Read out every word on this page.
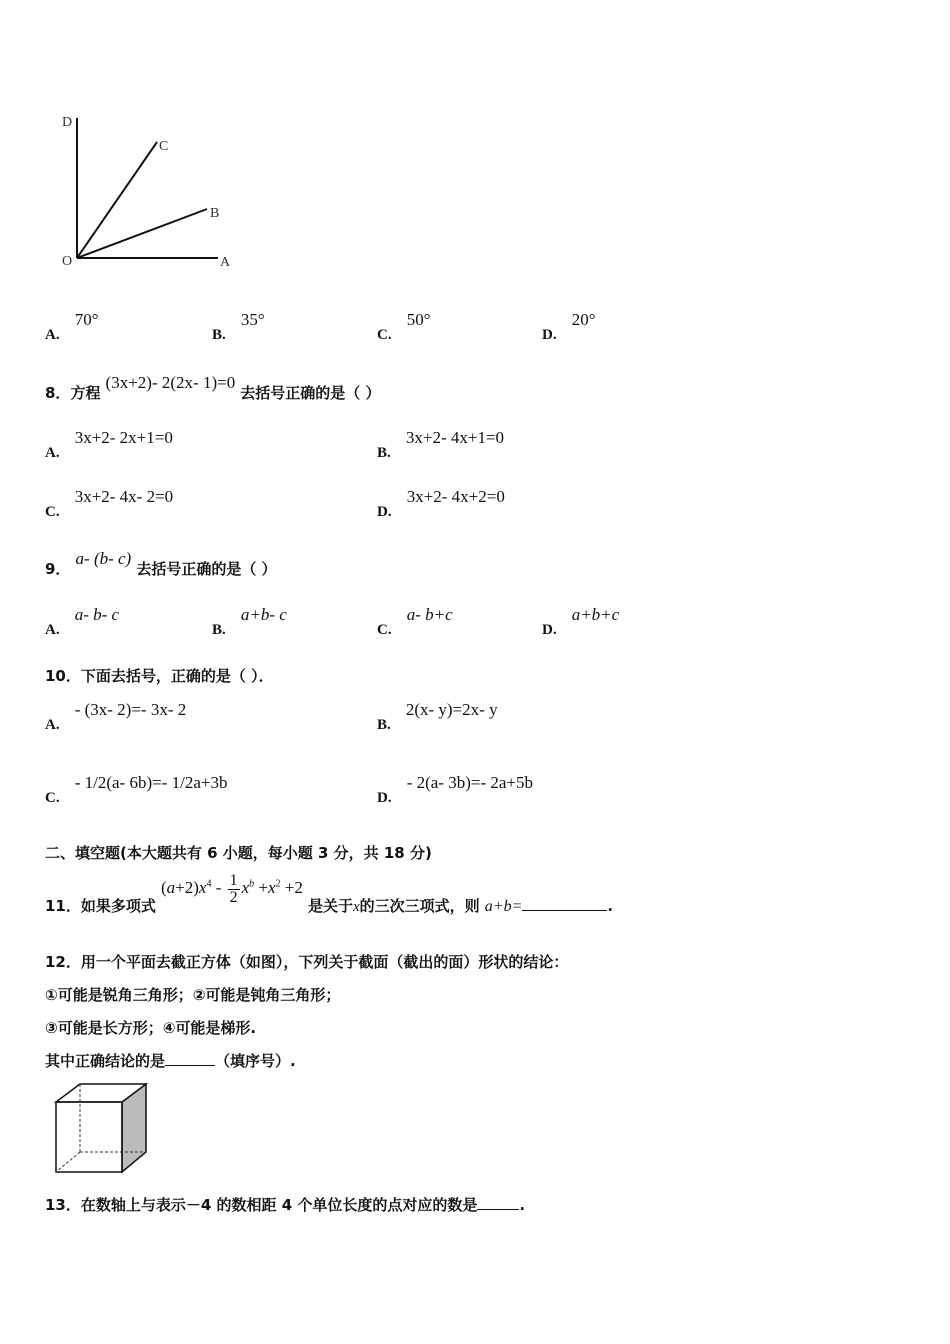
D
C
B
O	A
A. 70°
B. 35°
C. 50°
D. 20°
8．方程 (3x+2)- 2(2x- 1)=0 去括号正确的是（ ）
A. 3x+2- 2x+1=0
B. 3x+2- 4x+1=0
C. 3x+2- 4x- 2=0
D. 3x+2- 4x+2=0
9． a- (b- c) 去括号正确的是（ ）
A. a- b- c
B. a+b- c
C. a- b+c
D. a+b+c
10．下面去括号，正确的是（ ）．
A. - (3x- 2)=- 3x- 2
B. 2(x- y)=2x- y
C. - 1/2(a- 6b)=- 1/2a+3b
D. - 2(a- 3b)=- 2a+5b
二、填空题(本大题共有 6 小题，每小题 3 分，共 18 分)
11．如果多项式 $(a+2)x^4 - \frac{1}{2} x^b +x^2 +2$ 是关于x的三次三项式，则 a+b=	.
12．用一个平面去截正方体（如图），下列关于截面（截出的面）形状的结论：
①可能是锐角三角形；②可能是钝角三角形；
③可能是长方形；④可能是梯形.
其中正确结论的是	（填序号）.
13．在数轴上与表示－4 的数相距 4 个单位长度的点对应的数是	.
